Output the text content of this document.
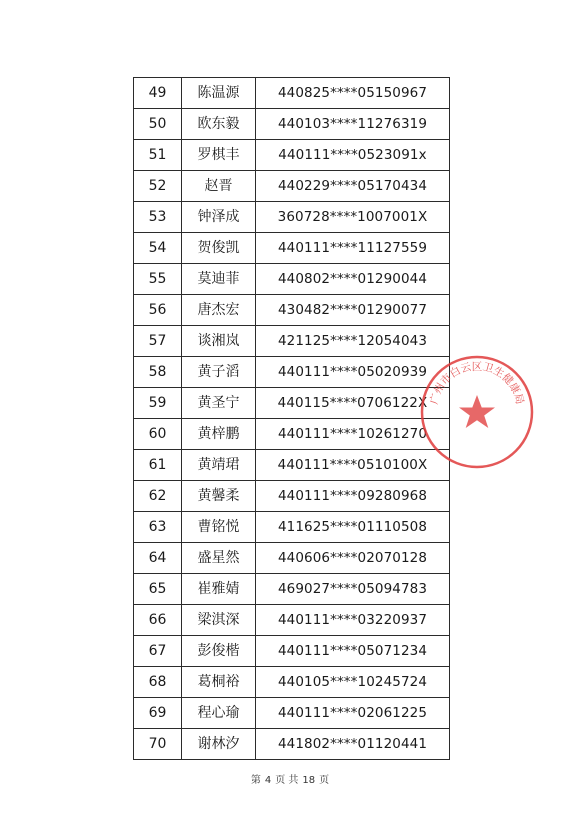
49	陈温源	440825****05150967
50	欧东毅	440103****11276319
51	罗棋丰	440111****0523091x
52	赵晋	440229****05170434
53	钟泽成	360728****1007001X
54	贺俊凯	440111****11127559
55	莫迪菲	440802****01290044
56	唐杰宏	430482****01290077
57	谈湘岚	421125****12054043
58	黄子滔	440111****05020939
59	黄圣宁	440115****0706122X
60	黄梓鹏	440111****10261270
61	黄靖珺	440111****0510100X
62	黄馨柔	440111****09280968
63	曹铭悦	411625****01110508
64	盛星然	440606****02070128
65	崔雅婧	469027****05094783
66	梁淇深	440111****03220937
67	彭俊楷	440111****05071234
68	葛桐裕	440105****10245724
69	程心瑜	440111****02061225
70	谢林汐	441802****01120441
广州市白云区卫生健康局
第 4 页 共 18 页
